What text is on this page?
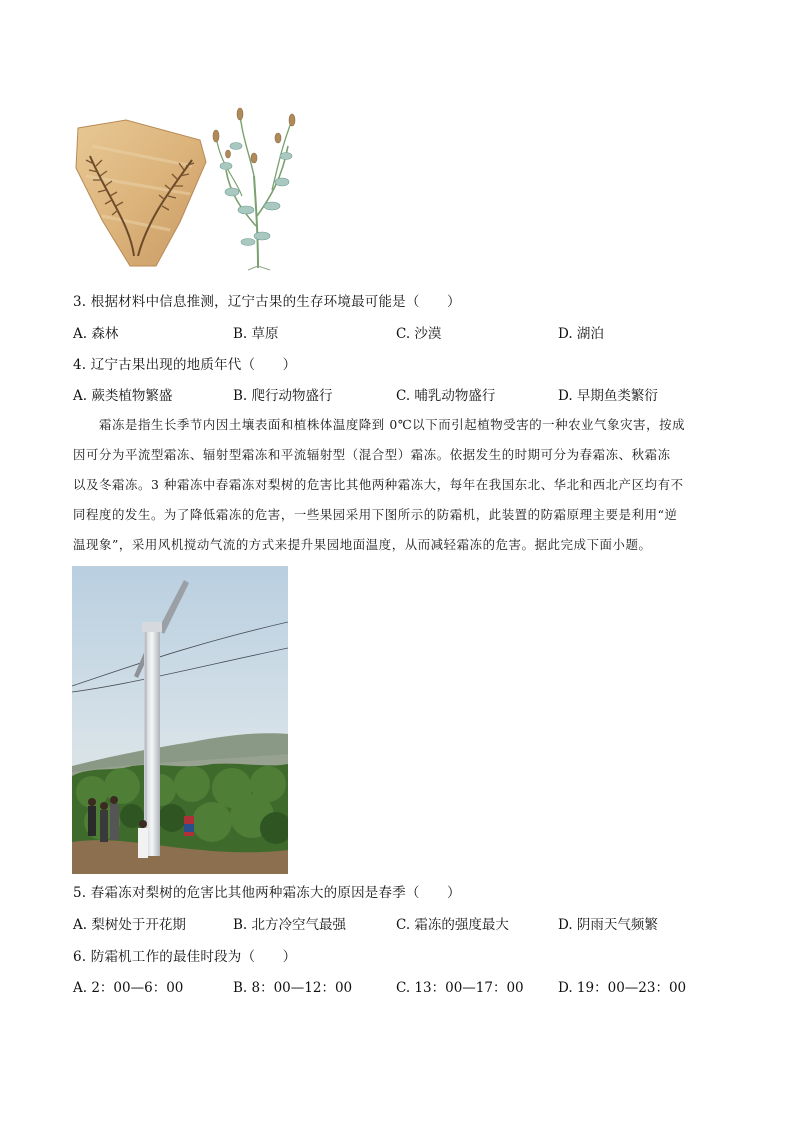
3. 根据材料中信息推测，辽宁古果的生存环境最可能是（　　）
A. 森林	B. 草原	C. 沙漠	D. 湖泊
4. 辽宁古果出现的地质年代（　　）
A. 蕨类植物繁盛	B. 爬行动物盛行	C. 哺乳动物盛行	D. 早期鱼类繁衍

霜冻是指生长季节内因土壤表面和植株体温度降到 0℃以下而引起植物受害的一种农业气象灾害，按成

因可分为平流型霜冻、辐射型霜冻和平流辐射型（混合型）霜冻。依据发生的时期可分为春霜冻、秋霜冻

以及冬霜冻。3 种霜冻中春霜冻对梨树的危害比其他两种霜冻大，每年在我国东北、华北和西北产区均有不

同程度的发生。为了降低霜冻的危害，一些果园采用下图所示的防霜机，此装置的防霜原理主要是利用“逆

温现象”，采用风机搅动气流的方式来提升果园地面温度，从而减轻霜冻的危害。据此完成下面小题。

5. 春霜冻对梨树的危害比其他两种霜冻大的原因是春季（　　）
A. 梨树处于开花期	B. 北方冷空气最强	C. 霜冻的强度最大	D. 阴雨天气频繁
6. 防霜机工作的最佳时段为（　　）
A. 2：00—6：00	B. 8：00—12：00	C. 13：00—17：00	D. 19：00—23：00
